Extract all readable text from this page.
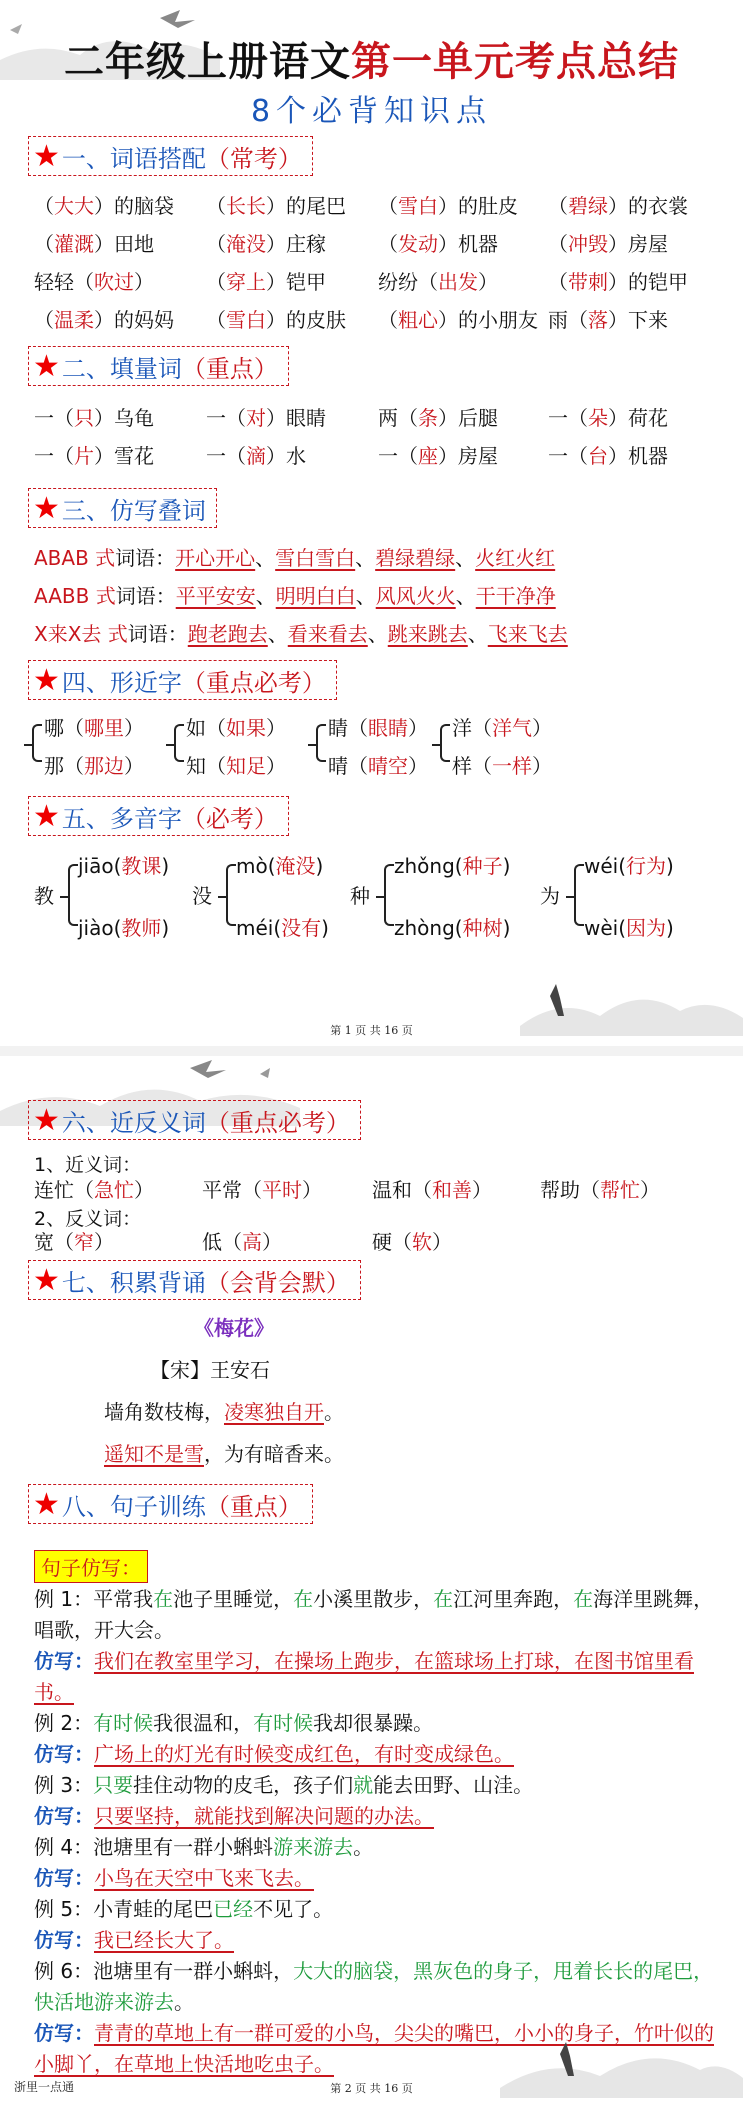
二年级上册语文第一单元考点总结
8个必背知识点
★ 一、词语搭配 （常考）
（大大）的脑袋 （长长）的尾巴 （雪白）的肚皮 （碧绿）的衣裳
（灌溉）田地	（淹没）庄稼	（发动）机器	（冲毁）房屋
轻轻（吹过）	（穿上）铠甲	纷纷（出发）	（带刺）的铠甲
（温柔）的妈妈 （雪白）的皮肤 （粗心）的小朋友 雨（落）下来
★ 二、填量词 （重点）
一（只）乌龟	一（对）眼睛	两（条）后腿	一（朵）荷花
一（片）雪花	一（滴）水	一（座）房屋	一（台）机器
★ 三、仿写叠词
ABAB 式词语：开心开心、雪白雪白、碧绿碧绿、火红火红
AABB 式词语：平平安安、明明白白、风风火火、干干净净
X来X去 式词语：跑老跑去、看来看去、跳来跳去、飞来飞去
★ 四、形近字 （重点必考）
哪（哪里）
那（那边）
如（如果）
知（知足）
睛（眼睛）
晴（晴空）
洋（洋气）
样（一样）
★ 五、多音字 （必考）
教
jiāo(教课)
jiào(教师)
没
mò(淹没)
méi(没有)
种
zhǒng(种子)
zhòng(种树)
为
wéi(行为)
wèi(因为)
第 1 页 共 16 页
★ 六、近反义词 （重点必考）
1、近义词：
连忙（急忙） 平常（平时）	温和（和善） 帮助（帮忙）
2、反义词：
宽（窄）	低（高）	硬（软）
★ 七、积累背诵 （会背会默）
《梅花》
【宋】王安石
墙角数枝梅，凌寒独自开。
遥知不是雪，为有暗香来。
★ 八、句子训练 （重点）
句子仿写：
例 1：平常我在池子里睡觉，在小溪里散步，在江河里奔跑，在海洋里跳舞，唱歌，开大会。
仿写：我们在教室里学习，在操场上跑步，在篮球场上打球，在图书馆里看书。
例 2：有时候我很温和，有时候我却很暴躁。
仿写：广场上的灯光有时候变成红色，有时变成绿色。
例 3：只要挂住动物的皮毛，孩子们就能去田野、山洼。
仿写：只要坚持，就能找到解决问题的办法。
例 4：池塘里有一群小蝌蚪游来游去。
仿写：小鸟在天空中飞来飞去。
例 5：小青蛙的尾巴已经不见了。
仿写：我已经长大了。
例 6：池塘里有一群小蝌蚪，大大的脑袋，黑灰色的身子，甩着长长的尾巴，快活地游来游去。
仿写：青青的草地上有一群可爱的小鸟，尖尖的嘴巴，小小的身子，竹叶似的小脚丫，在草地上快活地吃虫子。
浙里一点通	第 2 页 共 16 页
